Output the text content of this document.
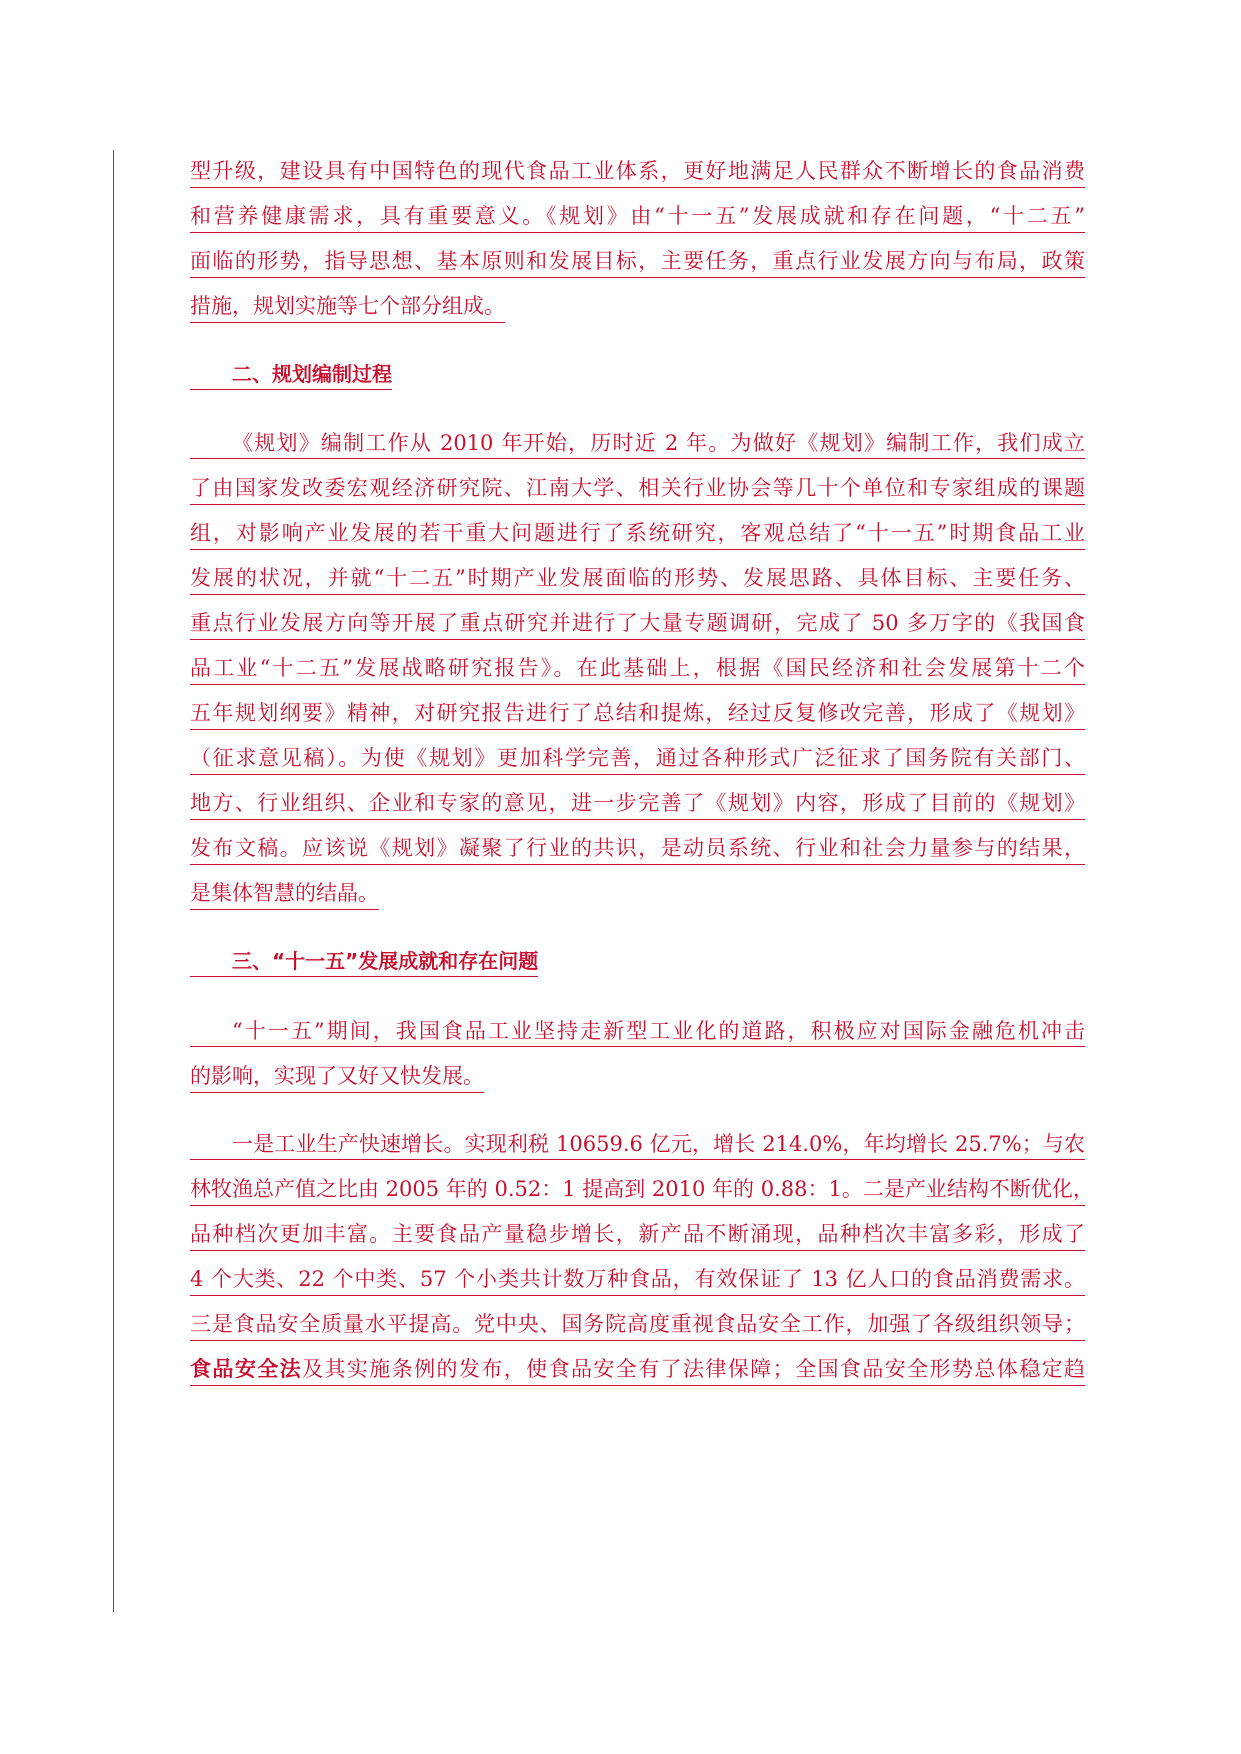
型升级，建设具有中国特色的现代食品工业体系，更好地满足人民群众不断增长的食品消费
和营养健康需求，具有重要意义。《规划》由“十一五”发展成就和存在问题，“十二五”
面临的形势，指导思想、基本原则和发展目标，主要任务，重点行业发展方向与布局，政策
措施，规划实施等七个部分组成。
二、规划编制过程
《规划》编制工作从 2010 年开始，历时近 2 年。为做好《规划》编制工作，我们成立
了由国家发改委宏观经济研究院、江南大学、相关行业协会等几十个单位和专家组成的课题
组，对影响产业发展的若干重大问题进行了系统研究，客观总结了“十一五”时期食品工业
发展的状况，并就“十二五”时期产业发展面临的形势、发展思路、具体目标、主要任务、
重点行业发展方向等开展了重点研究并进行了大量专题调研，完成了 50 多万字的《我国食
品工业“十二五”发展战略研究报告》。在此基础上，根据《国民经济和社会发展第十二个
五年规划纲要》精神，对研究报告进行了总结和提炼，经过反复修改完善，形成了《规划》
（征求意见稿）。为使《规划》更加科学完善，通过各种形式广泛征求了国务院有关部门、
地方、行业组织、企业和专家的意见，进一步完善了《规划》内容，形成了目前的《规划》
发布文稿。应该说《规划》凝聚了行业的共识，是动员系统、行业和社会力量参与的结果，
是集体智慧的结晶。
三、“十一五”发展成就和存在问题
“十一五”期间，我国食品工业坚持走新型工业化的道路，积极应对国际金融危机冲击
的影响，实现了又好又快发展。
一是工业生产快速增长。实现利税 10659.6 亿元，增长 214.0%，年均增长 25.7%；与农
林牧渔总产值之比由 2005 年的 0.52：1 提高到 2010 年的 0.88：1。二是产业结构不断优化，
品种档次更加丰富。主要食品产量稳步增长，新产品不断涌现，品种档次丰富多彩，形成了
4 个大类、22 个中类、57 个小类共计数万种食品，有效保证了 13 亿人口的食品消费需求。
三是食品安全质量水平提高。党中央、国务院高度重视食品安全工作，加强了各级组织领导；
食品安全法及其实施条例的发布，使食品安全有了法律保障；全国食品安全形势总体稳定趋
